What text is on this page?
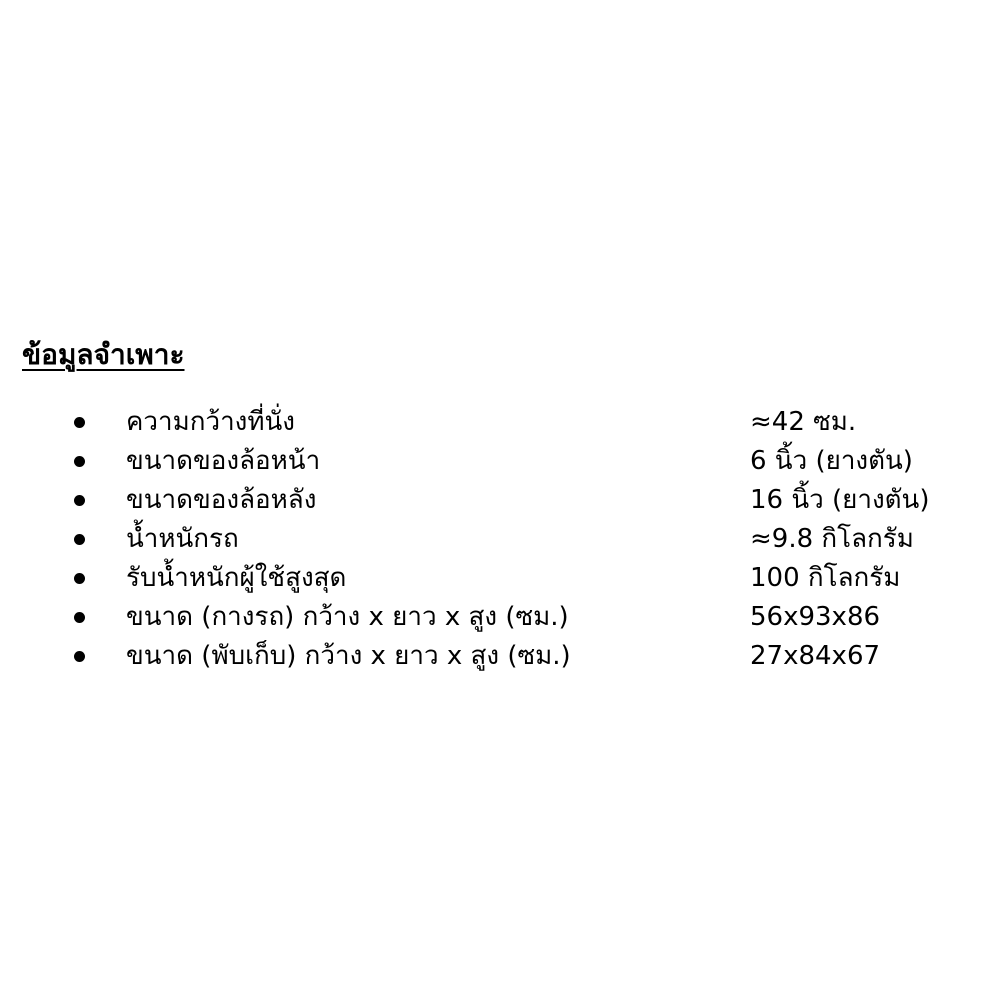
ข้อมูลจำเพาะ
ความกว้างที่นั่ง	≈42 ซม.
ขนาดของล้อหน้า	6 นิ้ว (ยางตัน)
ขนาดของล้อหลัง	16 นิ้ว (ยางตัน)
น้ำหนักรถ	≈9.8 กิโลกรัม
รับน้ำหนักผู้ใช้สูงสุด	100 กิโลกรัม
ขนาด (กางรถ) กว้าง x ยาว x สูง (ซม.)	56x93x86
ขนาด (พับเก็บ) กว้าง x ยาว x สูง (ซม.)	27x84x67
